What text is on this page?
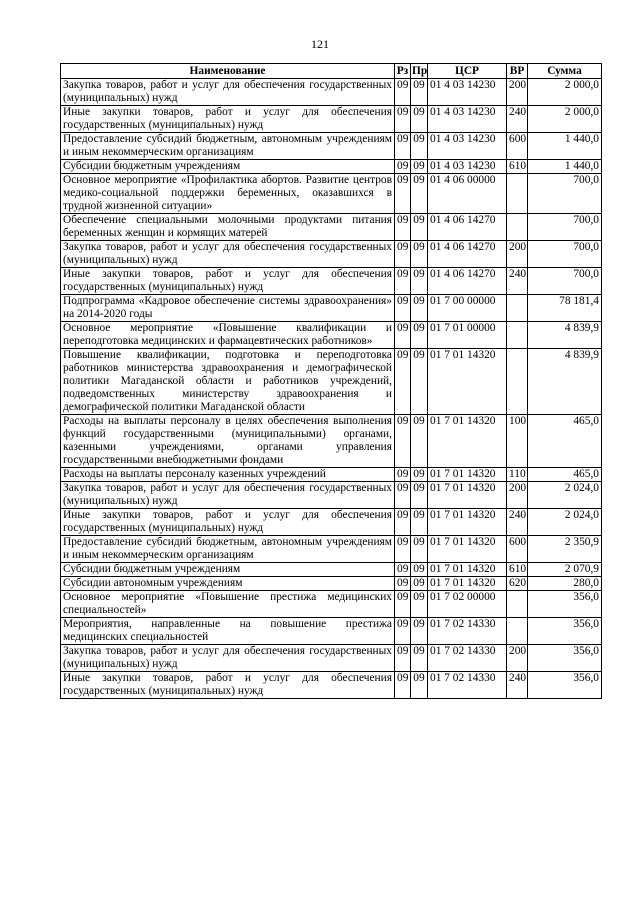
121
Наименование	Рз	Пр	ЦСР	ВР	Сумма
Закупка товаров, работ и услуг для обеспечения государственных (муниципальных) нужд	09	09	01 4 03 14230	200	2 000,0
Иные закупки товаров, работ и услуг для обеспечения государственных (муниципальных) нужд	09	09	01 4 03 14230	240	2 000,0
Предоставление субсидий бюджетным, автономным учреждениям и иным некоммерческим организациям	09	09	01 4 03 14230	600	1 440,0
Субсидии бюджетным учреждениям	09	09	01 4 03 14230	610	1 440,0
Основное мероприятие «Профилактика абортов. Развитие центров медико-социальной поддержки беременных, оказавшихся в трудной жизненной ситуации»	09	09	01 4 06 00000		700,0
Обеспечение специальными молочными продуктами питания беременных женщин и кормящих матерей	09	09	01 4 06 14270		700,0
Закупка товаров, работ и услуг для обеспечения государственных (муниципальных) нужд	09	09	01 4 06 14270	200	700,0
Иные закупки товаров, работ и услуг для обеспечения государственных (муниципальных) нужд	09	09	01 4 06 14270	240	700,0
Подпрограмма «Кадровое обеспечение системы здравоохранения» на 2014-2020 годы	09	09	01 7 00 00000		78 181,4
Основное мероприятие «Повышение квалификации и переподготовка медицинских и фармацевтических работников»	09	09	01 7 01 00000		4 839,9
Повышение квалификации, подготовка и переподготовка работников министерства здравоохранения и демографической политики Магаданской области и работников учреждений, подведомственных министерству здравоохранения и демографической политики Магаданской области	09	09	01 7 01 14320		4 839,9
Расходы на выплаты персоналу в целях обеспечения выполнения функций государственными (муниципальными) органами, казенными учреждениями, органами управления государственными внебюджетными фондами	09	09	01 7 01 14320	100	465,0
Расходы на выплаты персоналу казенных учреждений	09	09	01 7 01 14320	110	465,0
Закупка товаров, работ и услуг для обеспечения государственных (муниципальных) нужд	09	09	01 7 01 14320	200	2 024,0
Иные закупки товаров, работ и услуг для обеспечения государственных (муниципальных) нужд	09	09	01 7 01 14320	240	2 024,0
Предоставление субсидий бюджетным, автономным учреждениям и иным некоммерческим организациям	09	09	01 7 01 14320	600	2 350,9
Субсидии бюджетным учреждениям	09	09	01 7 01 14320	610	2 070,9
Субсидии автономным учреждениям	09	09	01 7 01 14320	620	280,0
Основное мероприятие «Повышение престижа медицинских специальностей»	09	09	01 7 02 00000		356,0
Мероприятия, направленные на повышение престижа медицинских специальностей	09	09	01 7 02 14330		356,0
Закупка товаров, работ и услуг для обеспечения государственных (муниципальных) нужд	09	09	01 7 02 14330	200	356,0
Иные закупки товаров, работ и услуг для обеспечения государственных (муниципальных) нужд	09	09	01 7 02 14330	240	356,0
